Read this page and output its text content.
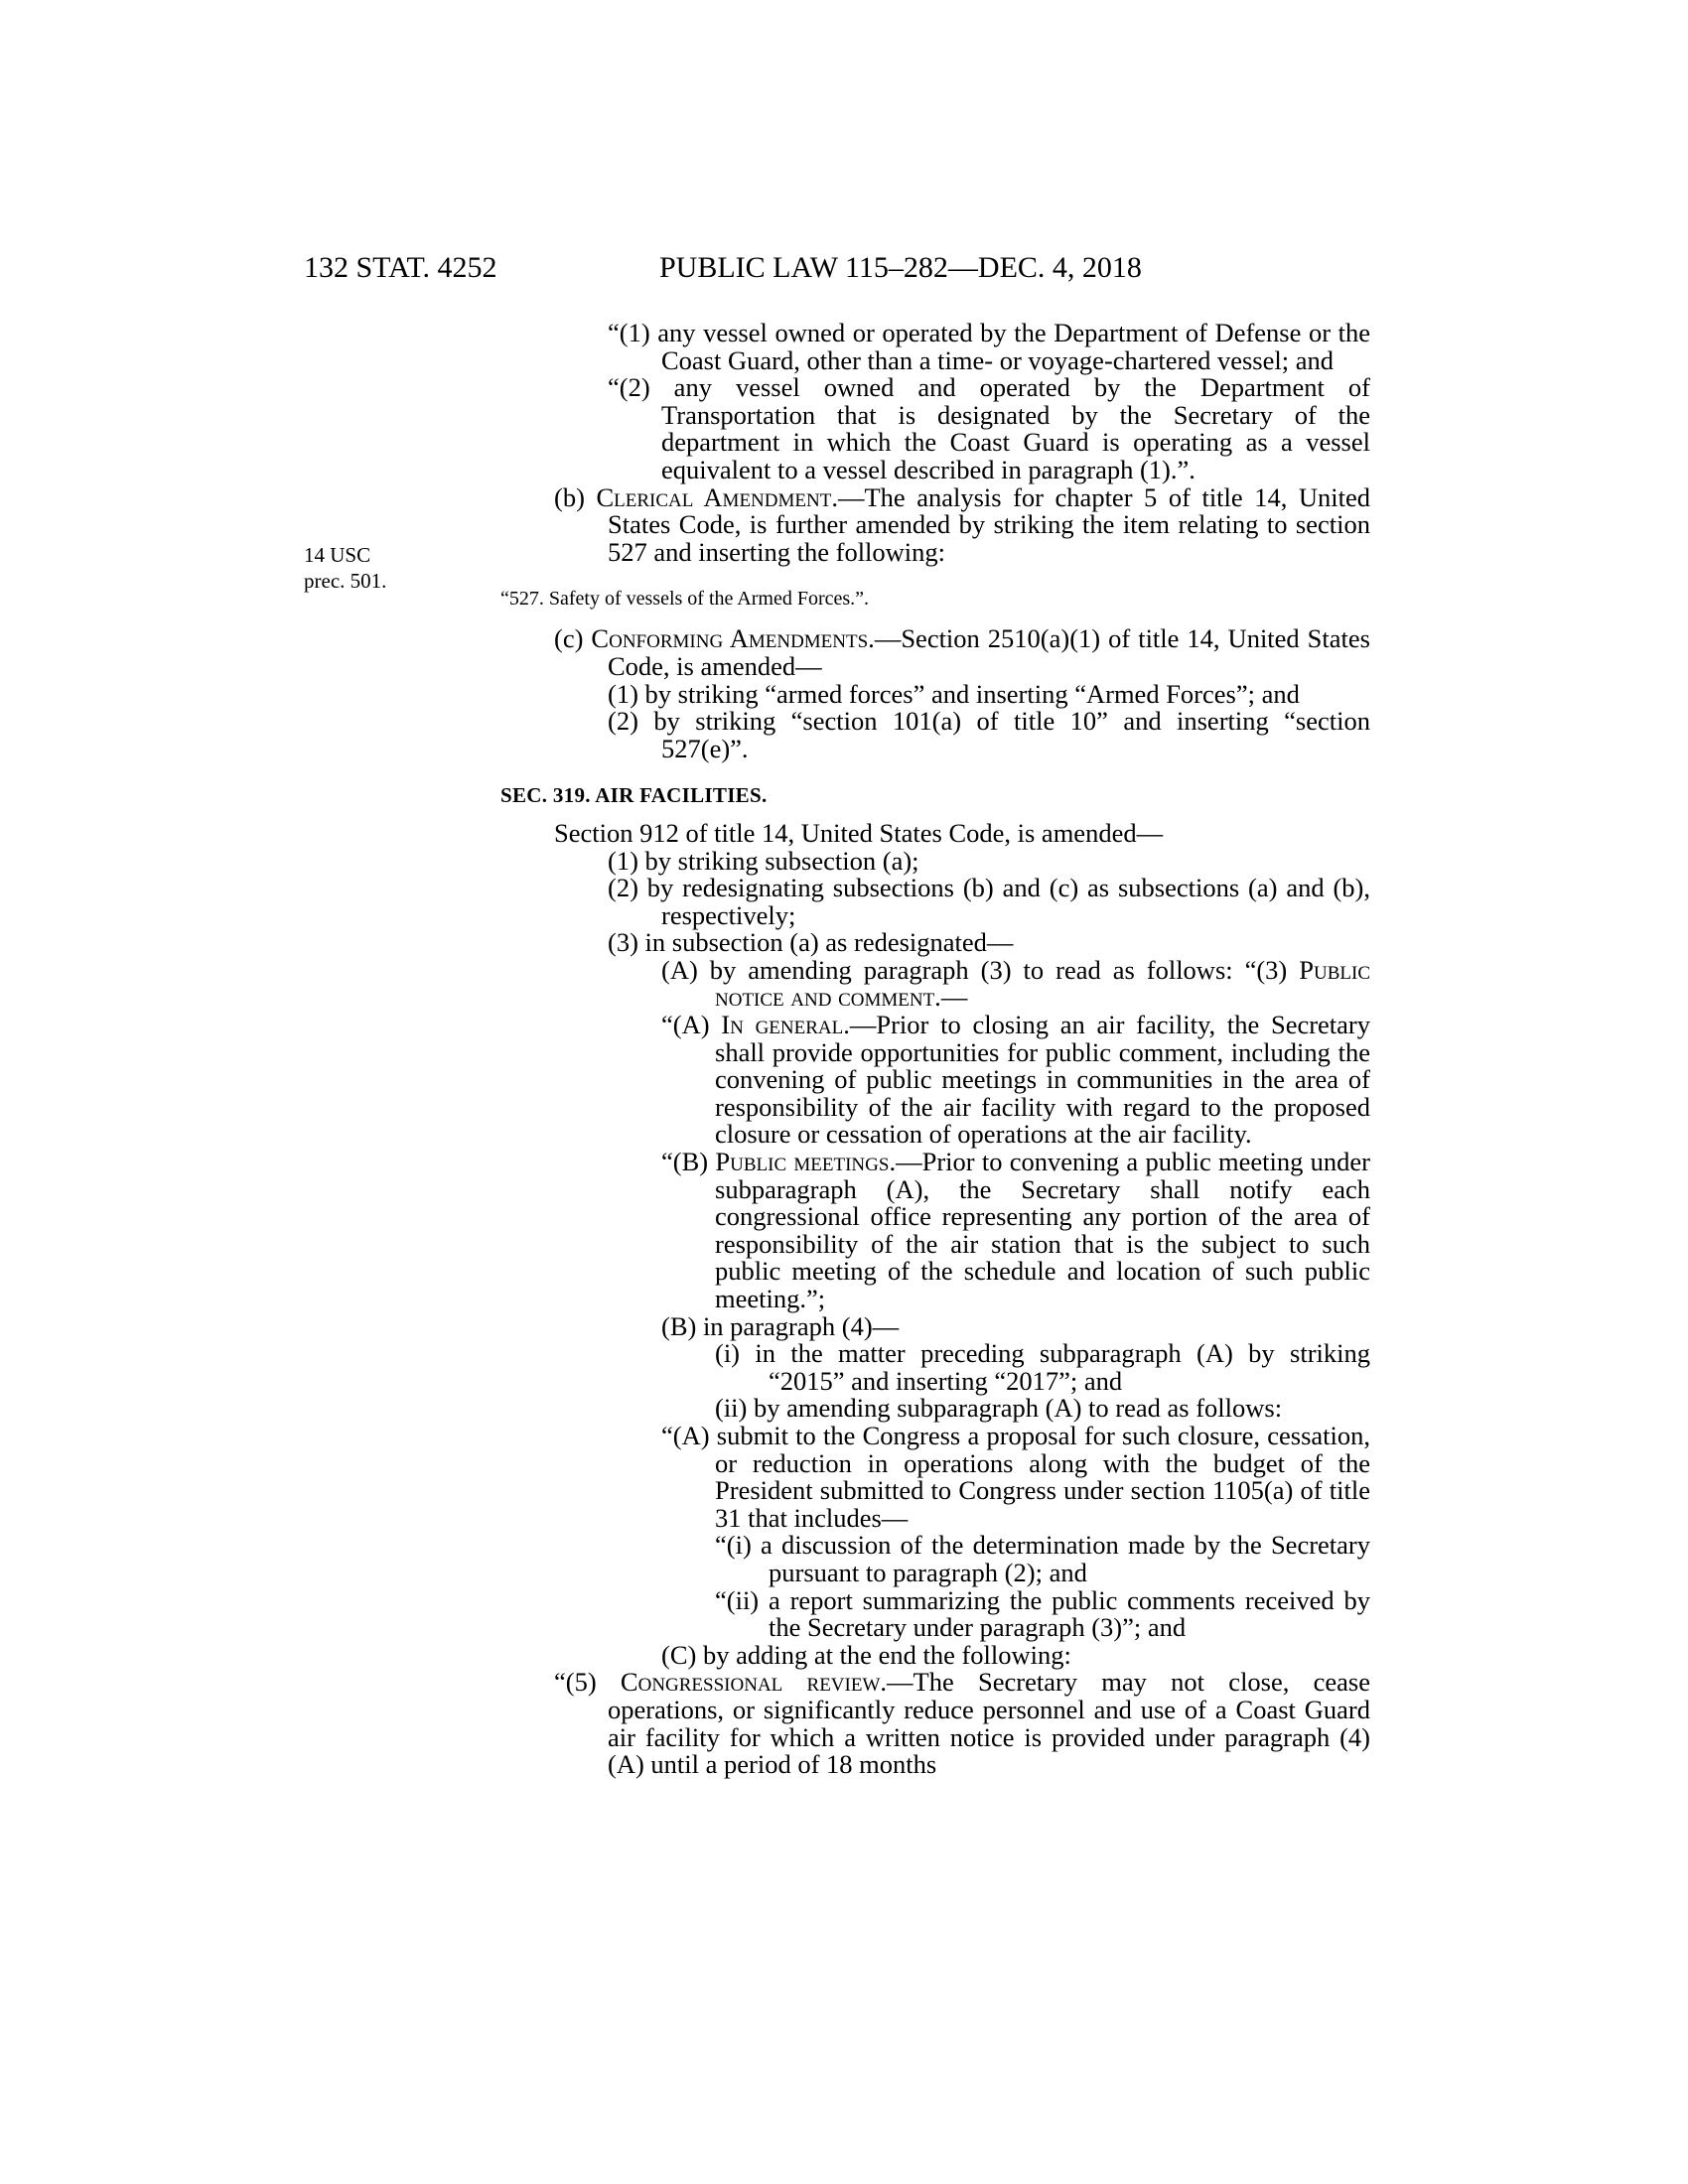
132 STAT. 4252	PUBLIC LAW 115–282—DEC. 4, 2018
14 USC
prec. 501.

“(1) any vessel owned or operated by the Department of Defense or the Coast Guard, other than a time- or voyage-chartered vessel; and

“(2) any vessel owned and operated by the Department of Transportation that is designated by the Secretary of the department in which the Coast Guard is operating as a vessel equivalent to a vessel described in paragraph (1).”.

(b) Clerical Amendment.—The analysis for chapter 5 of title 14, United States Code, is further amended by striking the item relating to section 527 and inserting the following:

“527. Safety of vessels of the Armed Forces.”.

(c) Conforming Amendments.—Section 2510(a)(1) of title 14, United States Code, is amended—

(1) by striking “armed forces” and inserting “Armed Forces”; and

(2) by striking “section 101(a) of title 10” and inserting “section 527(e)”.

SEC. 319. AIR FACILITIES.

Section 912 of title 14, United States Code, is amended—

(1) by striking subsection (a);

(2) by redesignating subsections (b) and (c) as subsections (a) and (b), respectively;

(3) in subsection (a) as redesignated—

(A) by amending paragraph (3) to read as follows: “(3) Public notice and comment.—

“(A) In general.—Prior to closing an air facility, the Secretary shall provide opportunities for public comment, including the convening of public meetings in communities in the area of responsibility of the air facility with regard to the proposed closure or cessation of operations at the air facility.

“(B) Public meetings.—Prior to convening a public meeting under subparagraph (A), the Secretary shall notify each congressional office representing any portion of the area of responsibility of the air station that is the subject to such public meeting of the schedule and location of such public meeting.”;

(B) in paragraph (4)—

(i) in the matter preceding subparagraph (A) by striking “2015” and inserting “2017”; and

(ii) by amending subparagraph (A) to read as follows:

“(A) submit to the Congress a proposal for such closure, cessation, or reduction in operations along with the budget of the President submitted to Congress under section 1105(a) of title 31 that includes—

“(i) a discussion of the determination made by the Secretary pursuant to paragraph (2); and

“(ii) a report summarizing the public comments received by the Secretary under paragraph (3)”; and

(C) by adding at the end the following:

“(5) Congressional review.—The Secretary may not close, cease operations, or significantly reduce personnel and use of a Coast Guard air facility for which a written notice is provided under paragraph (4)(A) until a period of 18 months
